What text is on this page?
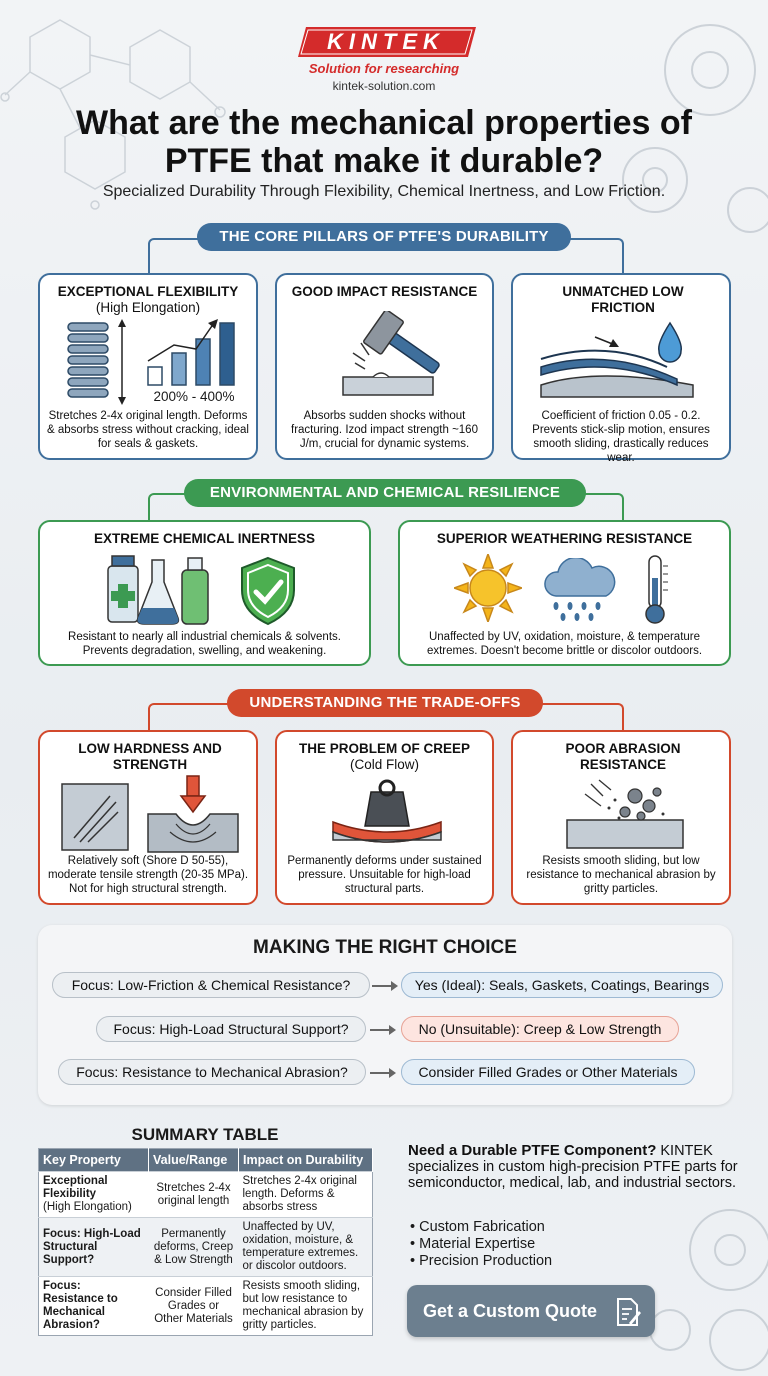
KINTEK
Solution for researching
kintek-solution.com
What are the mechanical properties of PTFE that make it durable?
Specialized Durability Through Flexibility, Chemical Inertness, and Low Friction.
THE CORE PILLARS OF PTFE'S DURABILITY
EXCEPTIONAL FLEXIBILITY
(High Elongation)
200% - 400%
Stretches 2-4x original length. Deforms & absorbs stress without cracking, ideal for seals & gaskets.
GOOD IMPACT RESISTANCE
Absorbs sudden shocks without fracturing. Izod impact strength ~160 J/m, crucial for dynamic systems.
UNMATCHED LOW FRICTION
Coefficient of friction 0.05 - 0.2. Prevents stick-slip motion, ensures smooth sliding, drastically reduces wear.
ENVIRONMENTAL AND CHEMICAL RESILIENCE
EXTREME CHEMICAL INERTNESS
Resistant to nearly all industrial chemicals & solvents. Prevents degradation, swelling, and weakening.
SUPERIOR WEATHERING RESISTANCE
Unaffected by UV, oxidation, moisture, & temperature extremes. Doesn't become brittle or discolor outdoors.
UNDERSTANDING THE TRADE-OFFS
LOW HARDNESS AND STRENGTH
Relatively soft (Shore D 50-55), moderate tensile strength (20-35 MPa). Not for high structural strength.
THE PROBLEM OF CREEP
(Cold Flow)
Permanently deforms under sustained pressure. Unsuitable for high-load structural parts.
POOR ABRASION RESISTANCE
Resists smooth sliding, but low resistance to mechanical abrasion by gritty particles.
MAKING THE RIGHT CHOICE
Focus: Low-Friction & Chemical Resistance?	Yes (Ideal): Seals, Gaskets, Coatings, Bearings
Focus: High-Load Structural Support?	No (Unsuitable): Creep & Low Strength
Focus: Resistance to Mechanical Abrasion?	Consider Filled Grades or Other Materials
SUMMARY TABLE
Key Property	Value/Range	Impact on Durability
Exceptional Flexibility
(High Elongation)	Stretches 2-4x original length	Stretches 2-4x original length. Deforms & absorbs stress
Focus: High-Load Structural Support?	Permanently deforms, Creep & Low Strength	Unaffected by UV, oxidation, moisture, & temperature extremes. or discolor outdoors.
Focus: Resistance to Mechanical Abrasion?	Consider Filled Grades or Other Materials	Resists smooth sliding, but low resistance to mechanical abrasion by gritty particles.
Need a Durable PTFE Component? KINTEK specializes in custom high-precision PTFE parts for semiconductor, medical, lab, and industrial sectors.
• Custom Fabrication
• Material Expertise
• Precision Production
Get a Custom Quote
